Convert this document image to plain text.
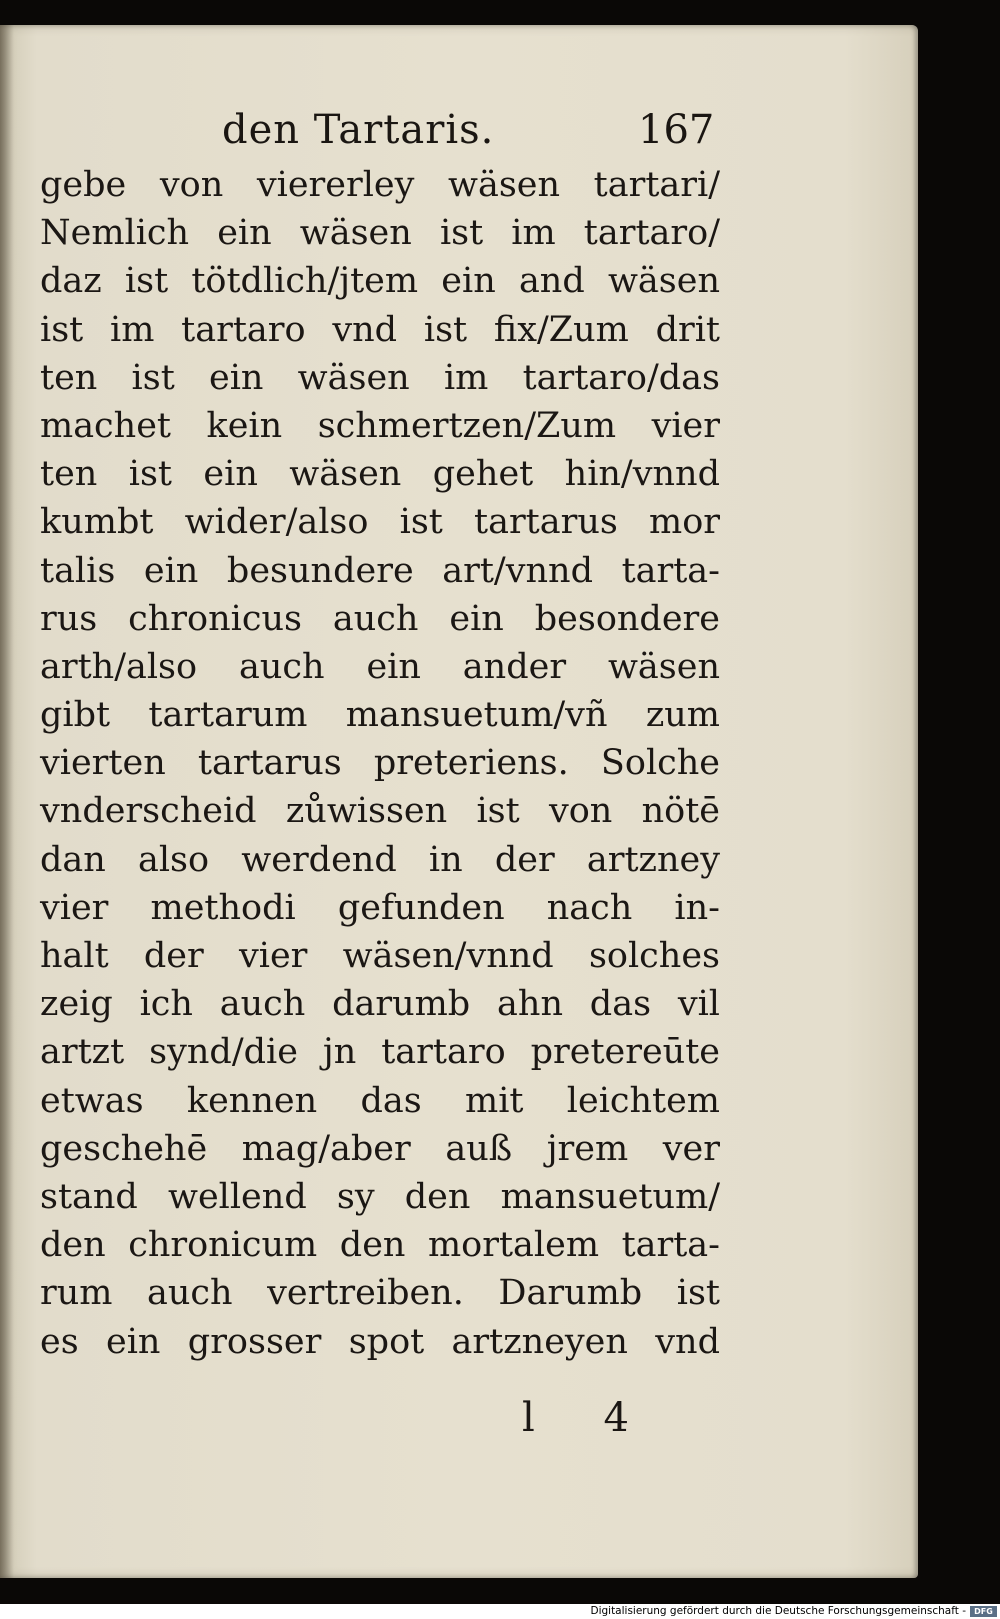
den Tartaris.	167
gebe von viererley wäsen tartari/
Nemlich ein wäsen ist im tartaro/
daz ist tötdlich/jtem ein and wäsen
ist im tartaro vnd ist fix/Zum drit
ten ist ein wäsen im tartaro/das
machet kein schmertzen/Zum vier
ten ist ein wäsen gehet hin/vnnd
kumbt wider/also ist tartarus mor
talis ein besundere art/vnnd tarta-
rus chronicus auch ein besondere
arth/also auch ein ander wäsen
gibt tartarum mansuetum/vñ zum
vierten tartarus preteriens. Solche
vnderscheid zůwissen ist von nötē
dan also werdend in der artzney
vier methodi gefunden nach in-
halt der vier wäsen/vnnd solches
zeig ich auch darumb ahn das vil
artzt synd/die jn tartaro pretereūte
etwas kennen das mit leichtem
geschehē mag/aber auß jrem ver
stand wellend sy den mansuetum/
den chronicum den mortalem tarta-
rum auch vertreiben. Darumb ist
es ein grosser spot artzneyen vnd
l 4
Digitalisierung gefördert durch die Deutsche Forschungsgemeinschaft -	DFG
